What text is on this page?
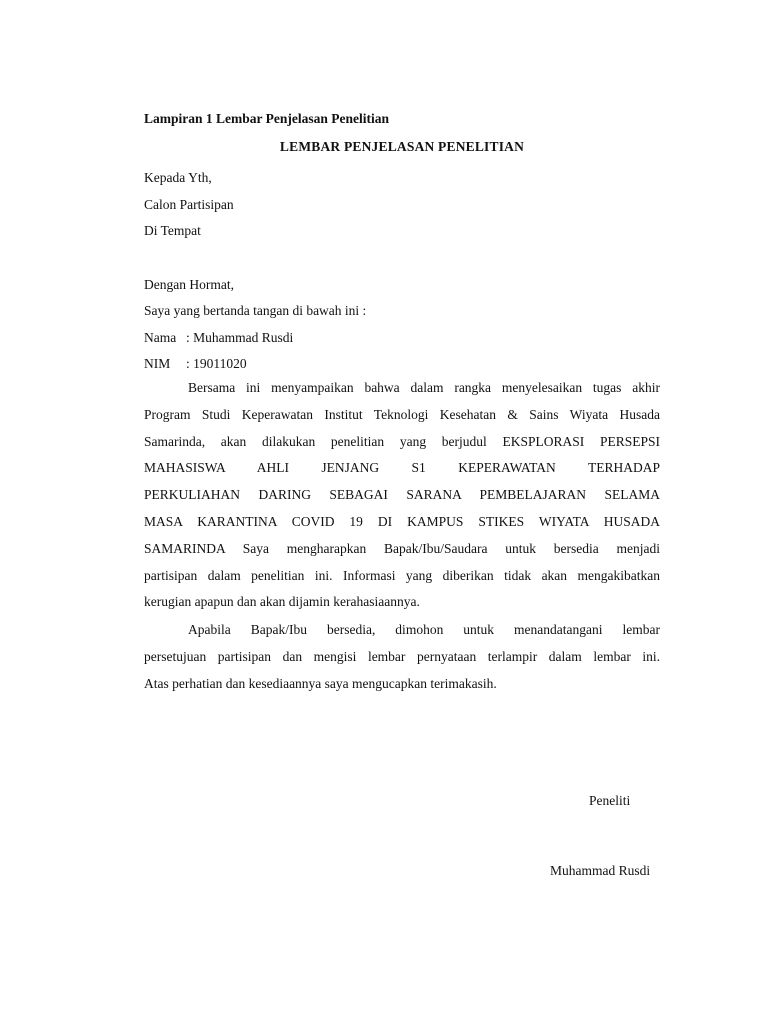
Lampiran 1 Lembar Penjelasan Penelitian
LEMBAR PENJELASAN PENELITIAN
Kepada Yth,
Calon Partisipan
Di Tempat
Dengan Hormat,
Saya yang bertanda tangan di bawah ini :
Nama : Muhammad Rusdi
NIM : 19011020
Bersama ini menyampaikan bahwa dalam rangka menyelesaikan tugas akhir
Program Studi Keperawatan Institut Teknologi Kesehatan & Sains Wiyata Husada
Samarinda, akan dilakukan penelitian yang berjudul EKSPLORASI PERSEPSI
MAHASISWA AHLI JENJANG S1 KEPERAWATAN TERHADAP
PERKULIAHAN DARING SEBAGAI SARANA PEMBELAJARAN SELAMA
MASA KARANTINA COVID 19 DI KAMPUS STIKES WIYATA HUSADA
SAMARINDA Saya mengharapkan Bapak/Ibu/Saudara untuk bersedia menjadi
partisipan dalam penelitian ini. Informasi yang diberikan tidak akan mengakibatkan
kerugian apapun dan akan dijamin kerahasiaannya.
Apabila Bapak/Ibu bersedia, dimohon untuk menandatangani lembar
persetujuan partisipan dan mengisi lembar pernyataan terlampir dalam lembar ini.
Atas perhatian dan kesediaannya saya mengucapkan terimakasih.
Peneliti
Muhammad Rusdi
